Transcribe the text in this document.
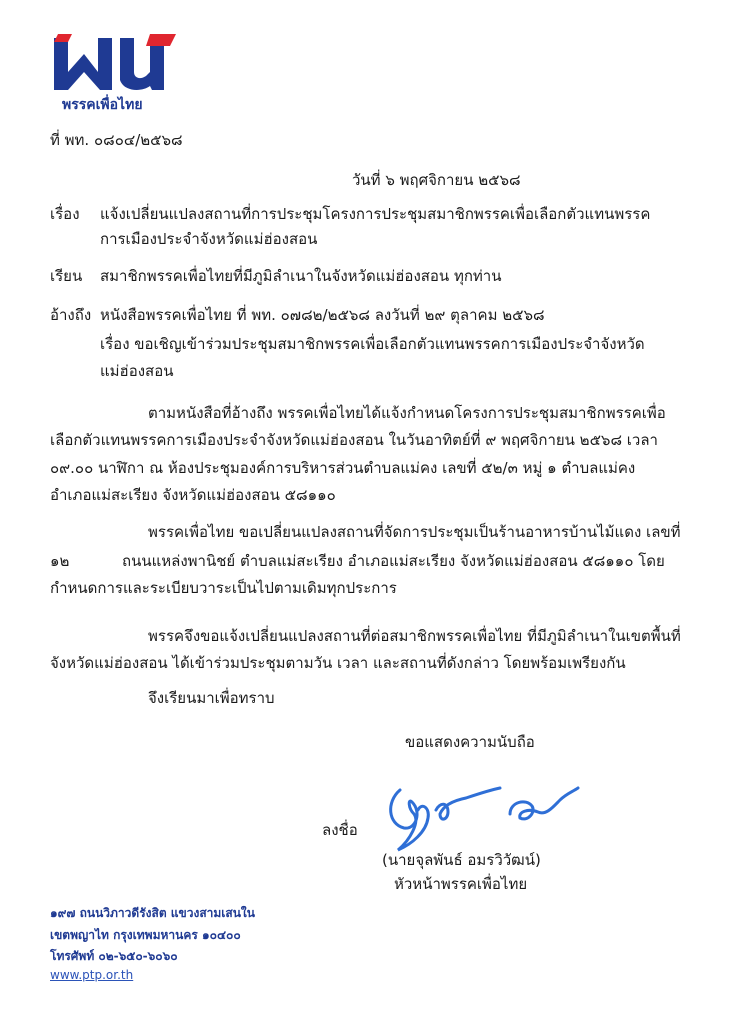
พรรคเพื่อไทย
ที่ พท. ๐๘๐๔/๒๕๖๘
วันที่ ๖ พฤศจิกายน ๒๕๖๘
เรื่อง แจ้งเปลี่ยนแปลงสถานที่การประชุมโครงการประชุมสมาชิกพรรคเพื่อเลือกตัวแทนพรรค
การเมืองประจำจังหวัดแม่ฮ่องสอน
เรียน สมาชิกพรรคเพื่อไทยที่มีภูมิลำเนาในจังหวัดแม่ฮ่องสอน ทุกท่าน
อ้างถึง หนังสือพรรคเพื่อไทย ที่ พท. ๐๗๘๒/๒๕๖๘ ลงวันที่ ๒๙ ตุลาคม ๒๕๖๘
เรื่อง ขอเชิญเข้าร่วมประชุมสมาชิกพรรคเพื่อเลือกตัวแทนพรรคการเมืองประจำจังหวัด
แม่ฮ่องสอน
ตามหนังสือที่อ้างถึง พรรคเพื่อไทยได้แจ้งกำหนดโครงการประชุมสมาชิกพรรคเพื่อ
เลือกตัวแทนพรรคการเมืองประจำจังหวัดแม่ฮ่องสอน ในวันอาทิตย์ที่ ๙ พฤศจิกายน ๒๕๖๘ เวลา
๐๙.๐๐ นาฬิกา ณ ห้องประชุมองค์การบริหารส่วนตำบลแม่คง เลขที่ ๕๒/๓ หมู่ ๑ ตำบลแม่คง
อำเภอแม่สะเรียง จังหวัดแม่ฮ่องสอน ๕๘๑๑๐
พรรคเพื่อไทย ขอเปลี่ยนแปลงสถานที่จัดการประชุมเป็นร้านอาหารบ้านไม้แดง เลขที่
๑๒	ถนนแหล่งพานิชย์ ตำบลแม่สะเรียง อำเภอแม่สะเรียง จังหวัดแม่ฮ่องสอน ๕๘๑๑๐ โดย
กำหนดการและระเบียบวาระเป็นไปตามเดิมทุกประการ
พรรคจึงขอแจ้งเปลี่ยนแปลงสถานที่ต่อสมาชิกพรรคเพื่อไทย ที่มีภูมิลำเนาในเขตพื้นที่
จังหวัดแม่ฮ่องสอน ได้เข้าร่วมประชุมตามวัน เวลา และสถานที่ดังกล่าว โดยพร้อมเพรียงกัน
จึงเรียนมาเพื่อทราบ
ขอแสดงความนับถือ
ลงชื่อ
(นายจุลพันธ์ อมรวิวัฒน์)
หัวหน้าพรรคเพื่อไทย
๑๙๗ ถนนวิภาวดีรังสิต แขวงสามเสนใน
เขตพญาไท กรุงเทพมหานคร ๑๐๔๐๐
โทรศัพท์ ๐๒-๖๕๐-๖๐๖๐
www.ptp.or.th
